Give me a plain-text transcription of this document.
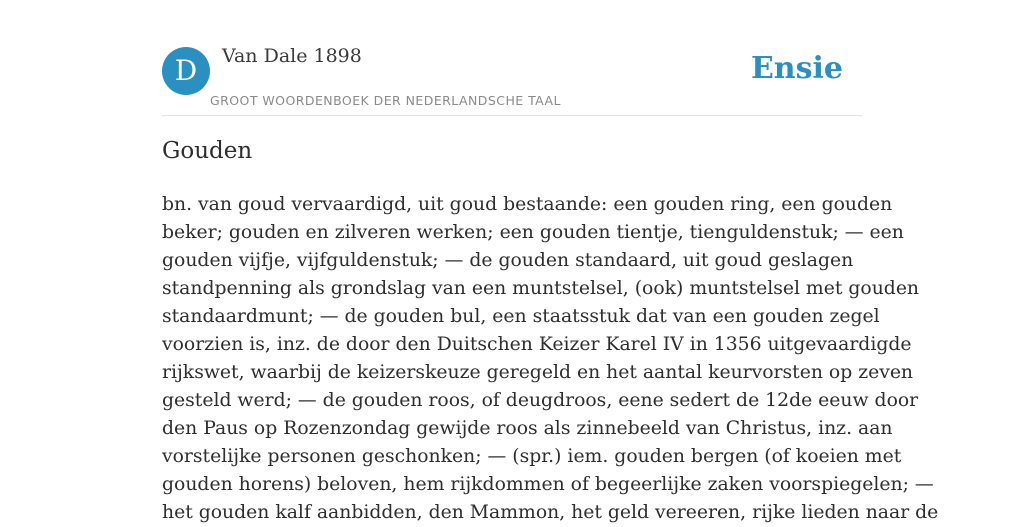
D	Van Dale 1898
GROOT WOORDENBOEK DER NEDERLANDSCHE TAAL
Ensie
Gouden
bn. van goud vervaardigd, uit goud bestaande: een gouden ring, een gouden
beker; gouden en zilveren werken; een gouden tientje, tienguldenstuk; — een
gouden vijfje, vijfguldenstuk; — de gouden standaard, uit goud geslagen
standpenning als grondslag van een muntstelsel, (ook) muntstelsel met gouden
standaardmunt; — de gouden bul, een staatsstuk dat van een gouden zegel
voorzien is, inz. de door den Duitschen Keizer Karel IV in 1356 uitgevaardigde
rijkswet, waarbij de keizerskeuze geregeld en het aantal keurvorsten op zeven
gesteld werd; — de gouden roos, of deugdroos, eene sedert de 12de eeuw door
den Paus op Rozenzondag gewijde roos als zinnebeeld van Christus, inz. aan
vorstelijke personen geschonken; — (spr.) iem. gouden bergen (of koeien met
gouden horens) beloven, hem rijkdommen of begeerlijke zaken voorspiegelen; —
het gouden kalf aanbidden, den Mammon, het geld vereeren, rijke lieden naar de
